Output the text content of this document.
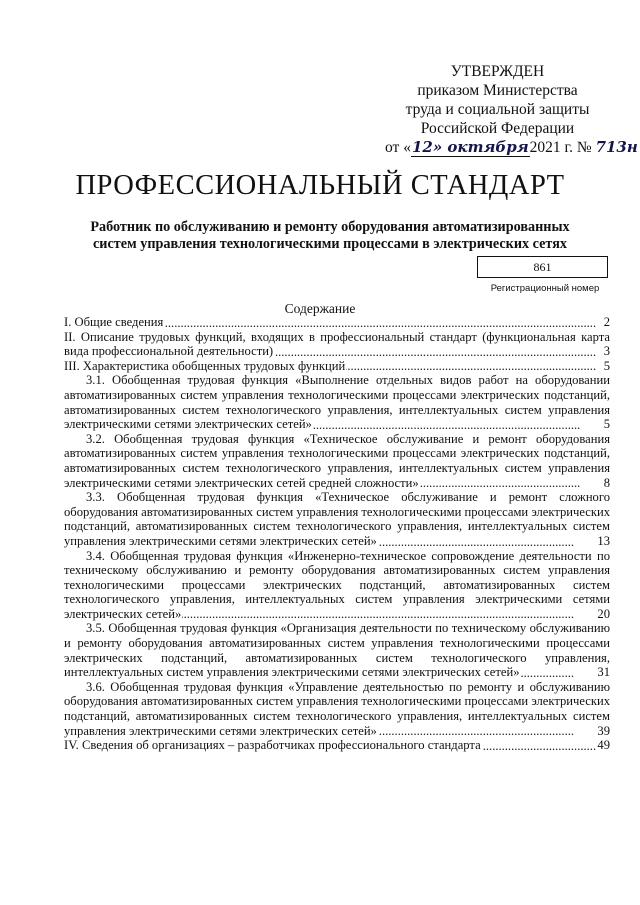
УТВЕРЖДЕН
приказом Министерства
труда и социальной защиты
Российской Федерации
от «12» октября2021 г. № 713н
ПРОФЕССИОНАЛЬНЫЙ СТАНДАРТ
Работник по обслуживанию и ремонту оборудования автоматизированных систем управления технологическими процессами в электрических сетях
861
Регистрационный номер
Содержание
.....
I. Общие сведения	2
.....
II. Описание трудовых функций, входящих в профессиональный стандарт (функциональная карта вида профессиональной деятельности)	3
.....
III. Характеристика обобщенных трудовых функций	5
.....
3.1. Обобщенная трудовая функция «Выполнение отдельных видов работ на оборудовании автоматизированных систем управления технологическими процессами электрических подстанций, автоматизированных систем технологического управления, интеллектуальных систем управления электрическими сетями электрических сетей»	5
.....
3.2. Обобщенная трудовая функция «Техническое обслуживание и ремонт оборудования автоматизированных систем управления технологическими процессами электрических подстанций, автоматизированных систем технологического управления, интеллектуальных систем управления электрическими сетями электрических сетей средней сложности»	8
.....
3.3. Обобщенная трудовая функция «Техническое обслуживание и ремонт сложного оборудования автоматизированных систем управления технологическими процессами электрических подстанций, автоматизированных систем технологического управления, интеллектуальных систем управления электрическими сетями электрических сетей»	13
.....
3.4. Обобщенная трудовая функция «Инженерно-техническое сопровождение деятельности по техническому обслуживанию и ремонту оборудования автоматизированных систем управления технологическими процессами электрических подстанций, автоматизированных систем технологического управления, интеллектуальных систем управления электрическими сетями электрических сетей»	20
.....
3.5. Обобщенная трудовая функция «Организация деятельности по техническому обслуживанию и ремонту оборудования автоматизированных систем управления технологическими процессами электрических подстанций, автоматизированных систем технологического управления, интеллектуальных систем управления электрическими сетями электрических сетей»	31
.....
3.6. Обобщенная трудовая функция «Управление деятельностью по ремонту и обслуживанию оборудования автоматизированных систем управления технологическими процессами электрических подстанций, автоматизированных систем технологического управления, интеллектуальных систем управления электрическими сетями электрических сетей»	39
.....
IV. Сведения об организациях – разработчиках профессионального стандарта	49
